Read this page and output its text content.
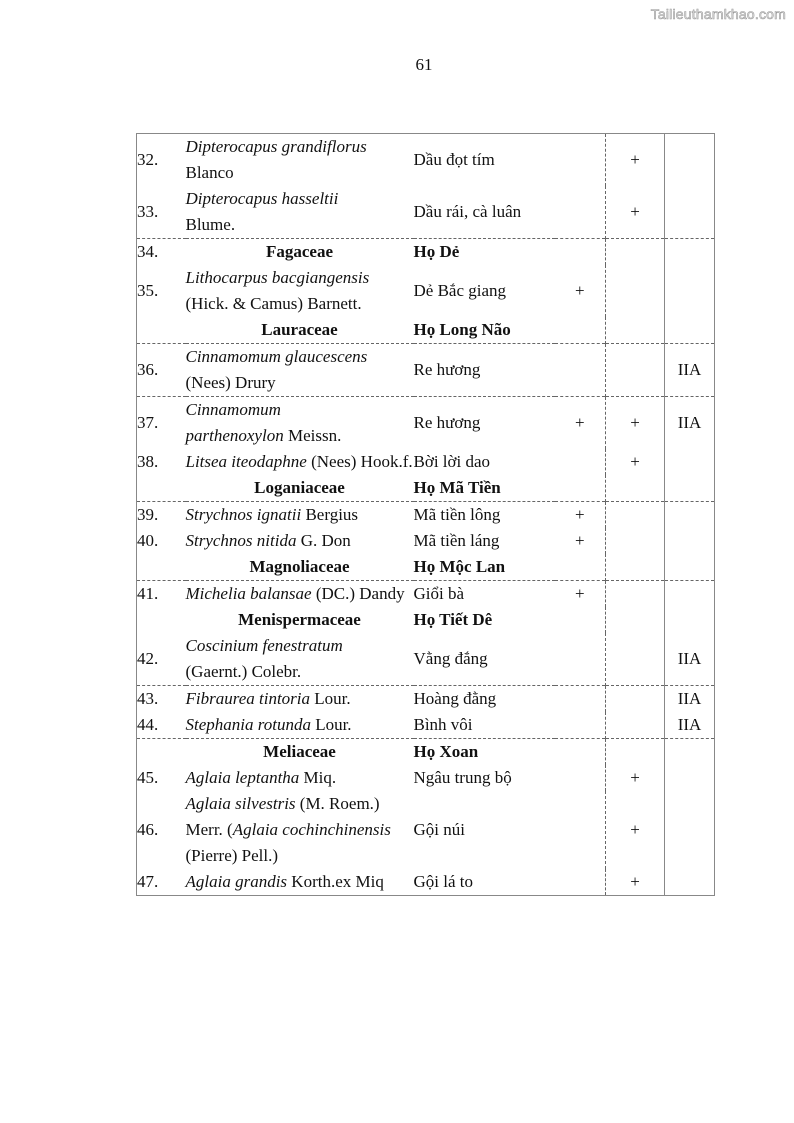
Tailieuthamkhao.com
61
32.	Dipterocapus grandiflorus
Blanco	Dầu đọt tím		+	
33.	Dipterocapus hasseltii
Blume.	Dầu rái, cà luân		+	
34.	Fagaceae	Họ Dẻ			
35.	Lithocarpus bacgiangensis
(Hick. & Camus) Barnett.	Dẻ Bắc giang	+		
	Lauraceae	Họ Long Não			
36.	Cinnamomum glaucescens
(Nees) Drury	Re hương			IIA
37.	Cinnamomum
parthenoxylon Meissn.	Re hương	+	+	IIA
38.	Litsea iteodaphne (Nees) Hook.f.	Bời lời dao		+	
	Loganiaceae	Họ Mã Tiền			
39.	Strychnos ignatii Bergius	Mã tiền lông	+		
40.	Strychnos nitida G. Don	Mã tiền láng	+		
	Magnoliaceae	Họ Mộc Lan			
41.	Michelia balansae (DC.) Dandy	Giổi bà	+		
	Menispermaceae	Họ Tiết Dê			
42.	Coscinium fenestratum
(Gaernt.) Colebr.	Vằng đắng			IIA
43.	Fibraurea tintoria Lour.	Hoàng đằng			IIA
44.	Stephania rotunda Lour.	Bình vôi			IIA
	Meliaceae	Họ Xoan			
45.	Aglaia leptantha Miq.	Ngâu trung bộ		+	
46.	Aglaia silvestris (M. Roem.) Merr. (Aglaia cochinchinensis (Pierre) Pell.)	Gội núi		+	
47.	Aglaia grandis Korth.ex Miq	Gội lá to		+	
